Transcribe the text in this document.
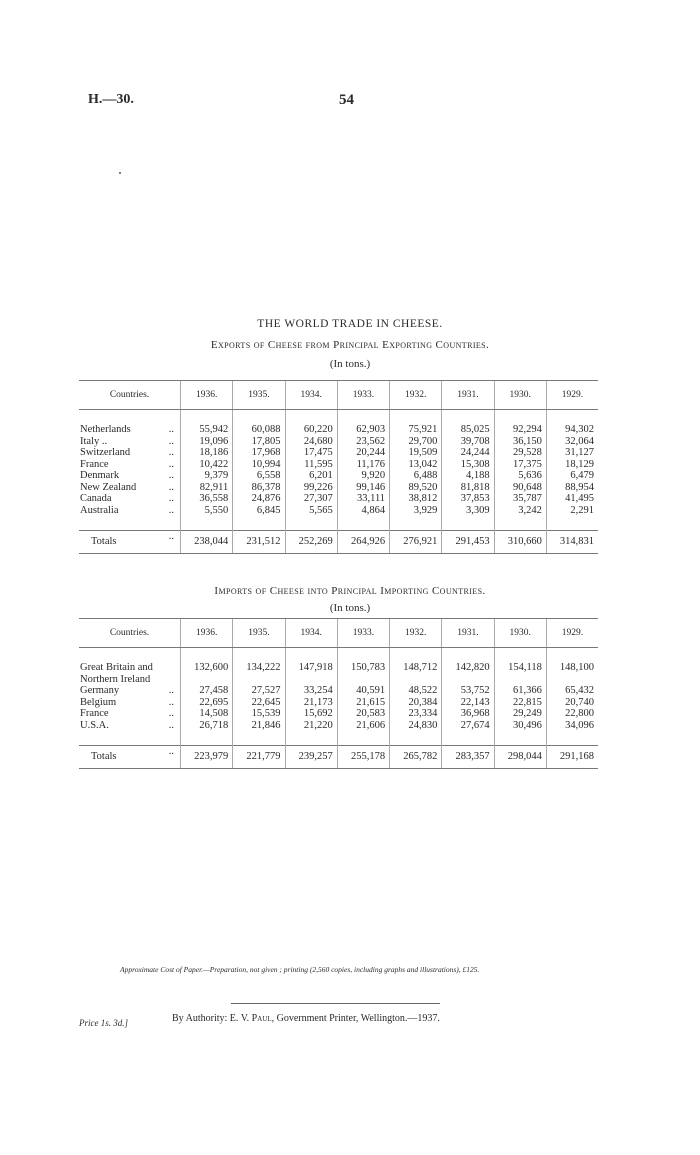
H.—30.	54
THE WORLD TRADE IN CHEESE.
Exports of Cheese from Principal Exporting Countries.
(In tons.)
Countries.	1936.	1935.	1934.	1933.	1932.	1931.	1930.	1929.

Netherlands ..	55,942	60,088	60,220	62,903	75,921	85,025	92,294	94,302
Italy .. ..	19,096	17,805	24,680	23,562	29,700	39,708	36,150	32,064
Switzerland ..	18,186	17,968	17,475	20,244	19,509	24,244	29,528	31,127
France ..	10,422	10,994	11,595	11,176	13,042	15,308	17,375	18,129
Denmark ..	9,379	6,558	6,201	9,920	6,488	4,188	5,636	6,479
New Zealand ..	82,911	86,378	99,226	99,146	89,520	81,818	90,648	88,954
Canada ..	36,558	24,876	27,307	33,111	38,812	37,853	35,787	41,495
Australia ..	5,550	6,845	5,565	4,864	3,929	3,309	3,242	2,291

Totals ..	238,044	231,512	252,269	264,926	276,921	291,453	310,660	314,831
Imports of Cheese into Principal Importing Countries.
(In tons.)
Countries.	1936.	1935.	1934.	1933.	1932.	1931.	1930.	1929.

Great Britain and	132,600	134,222	147,918	150,783	148,712	142,820	154,118	148,100
Northern Ireland

Germany ..	27,458	27,527	33,254	40,591	48,522	53,752	61,366	65,432
Belgium ..	22,695	22,645	21,173	21,615	20,384	22,143	22,815	20,740
France ..	14,508	15,539	15,692	20,583	23,334	36,968	29,249	22,800
U.S.A. ..	26,718	21,846	21,220	21,606	24,830	27,674	30,496	34,096

Totals ..	223,979	221,779	239,257	255,178	265,782	283,357	298,044	291,168
Approximate Cost of Paper.—Preparation, not given ; printing (2,560 copies, including graphs and illustrations), £125.
Price 1s. 3d.]	By Authority: E. V. Paul, Government Printer, Wellington.—1937.
